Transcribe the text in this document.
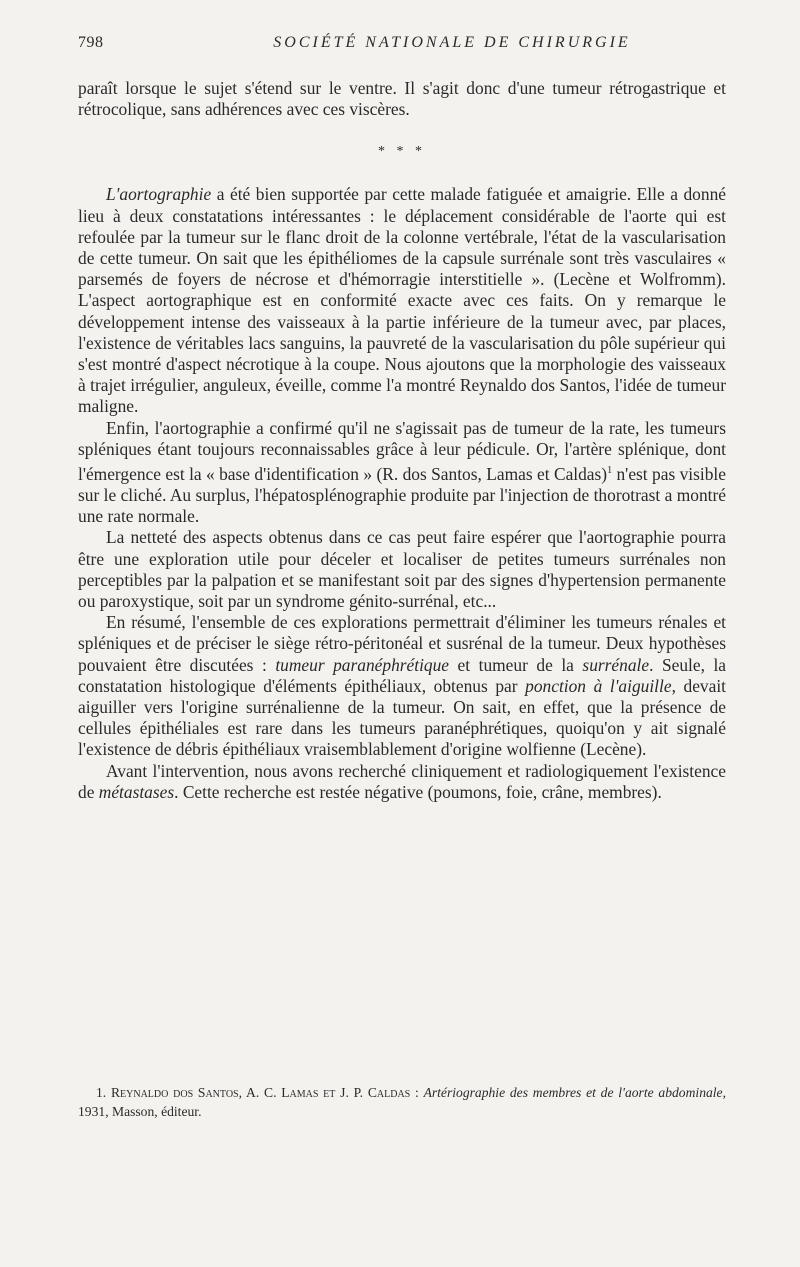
798	SOCIÉTÉ NATIONALE DE CHIRURGIE

paraît lorsque le sujet s'étend sur le ventre. Il s'agit donc d'une tumeur rétrogastrique et rétrocolique, sans adhérences avec ces viscères.

* * *

L'aortographie a été bien supportée par cette malade fatiguée et amaigrie. Elle a donné lieu à deux constatations intéressantes : le déplacement considérable de l'aorte qui est refoulée par la tumeur sur le flanc droit de la colonne vertébrale, l'état de la vascularisation de cette tumeur. On sait que les épithéliomes de la capsule surrénale sont très vasculaires « parsemés de foyers de nécrose et d'hémorragie interstitielle ». (Lecène et Wolfromm). L'aspect aortographique est en conformité exacte avec ces faits. On y remarque le développement intense des vaisseaux à la partie inférieure de la tumeur avec, par places, l'existence de véritables lacs sanguins, la pauvreté de la vascularisation du pôle supérieur qui s'est montré d'aspect nécrotique à la coupe. Nous ajoutons que la morphologie des vaisseaux à trajet irrégulier, anguleux, éveille, comme l'a montré Reynaldo dos Santos, l'idée de tumeur maligne.

Enfin, l'aortographie a confirmé qu'il ne s'agissait pas de tumeur de la rate, les tumeurs spléniques étant toujours reconnaissables grâce à leur pédicule. Or, l'artère splénique, dont l'émergence est la « base d'identification » (R. dos Santos, Lamas et Caldas)$^1$ n'est pas visible sur le cliché. Au surplus, l'hépatosplénographie produite par l'injection de thorotrast a montré une rate normale.

La netteté des aspects obtenus dans ce cas peut faire espérer que l'aortographie pourra être une exploration utile pour déceler et localiser de petites tumeurs surrénales non perceptibles par la palpation et se manifestant soit par des signes d'hypertension permanente ou paroxystique, soit par un syndrome génito-surrénal, etc...

En résumé, l'ensemble de ces explorations permettrait d'éliminer les tumeurs rénales et spléniques et de préciser le siège rétro-péritonéal et susrénal de la tumeur. Deux hypothèses pouvaient être discutées : tumeur paranéphrétique et tumeur de la surrénale. Seule, la constatation histologique d'éléments épithéliaux, obtenus par ponction à l'aiguille, devait aiguiller vers l'origine surrénalienne de la tumeur. On sait, en effet, que la présence de cellules épithéliales est rare dans les tumeurs paranéphrétiques, quoiqu'on y ait signalé l'existence de débris épithéliaux vraisemblablement d'origine wolfienne (Lecène).

Avant l'intervention, nous avons recherché cliniquement et radiologiquement l'existence de métastases. Cette recherche est restée négative (poumons, foie, crâne, membres).

1. Reynaldo dos Santos, A. C. Lamas et J. P. Caldas : Artériographie des membres et de l'aorte abdominale, 1931, Masson, éditeur.
